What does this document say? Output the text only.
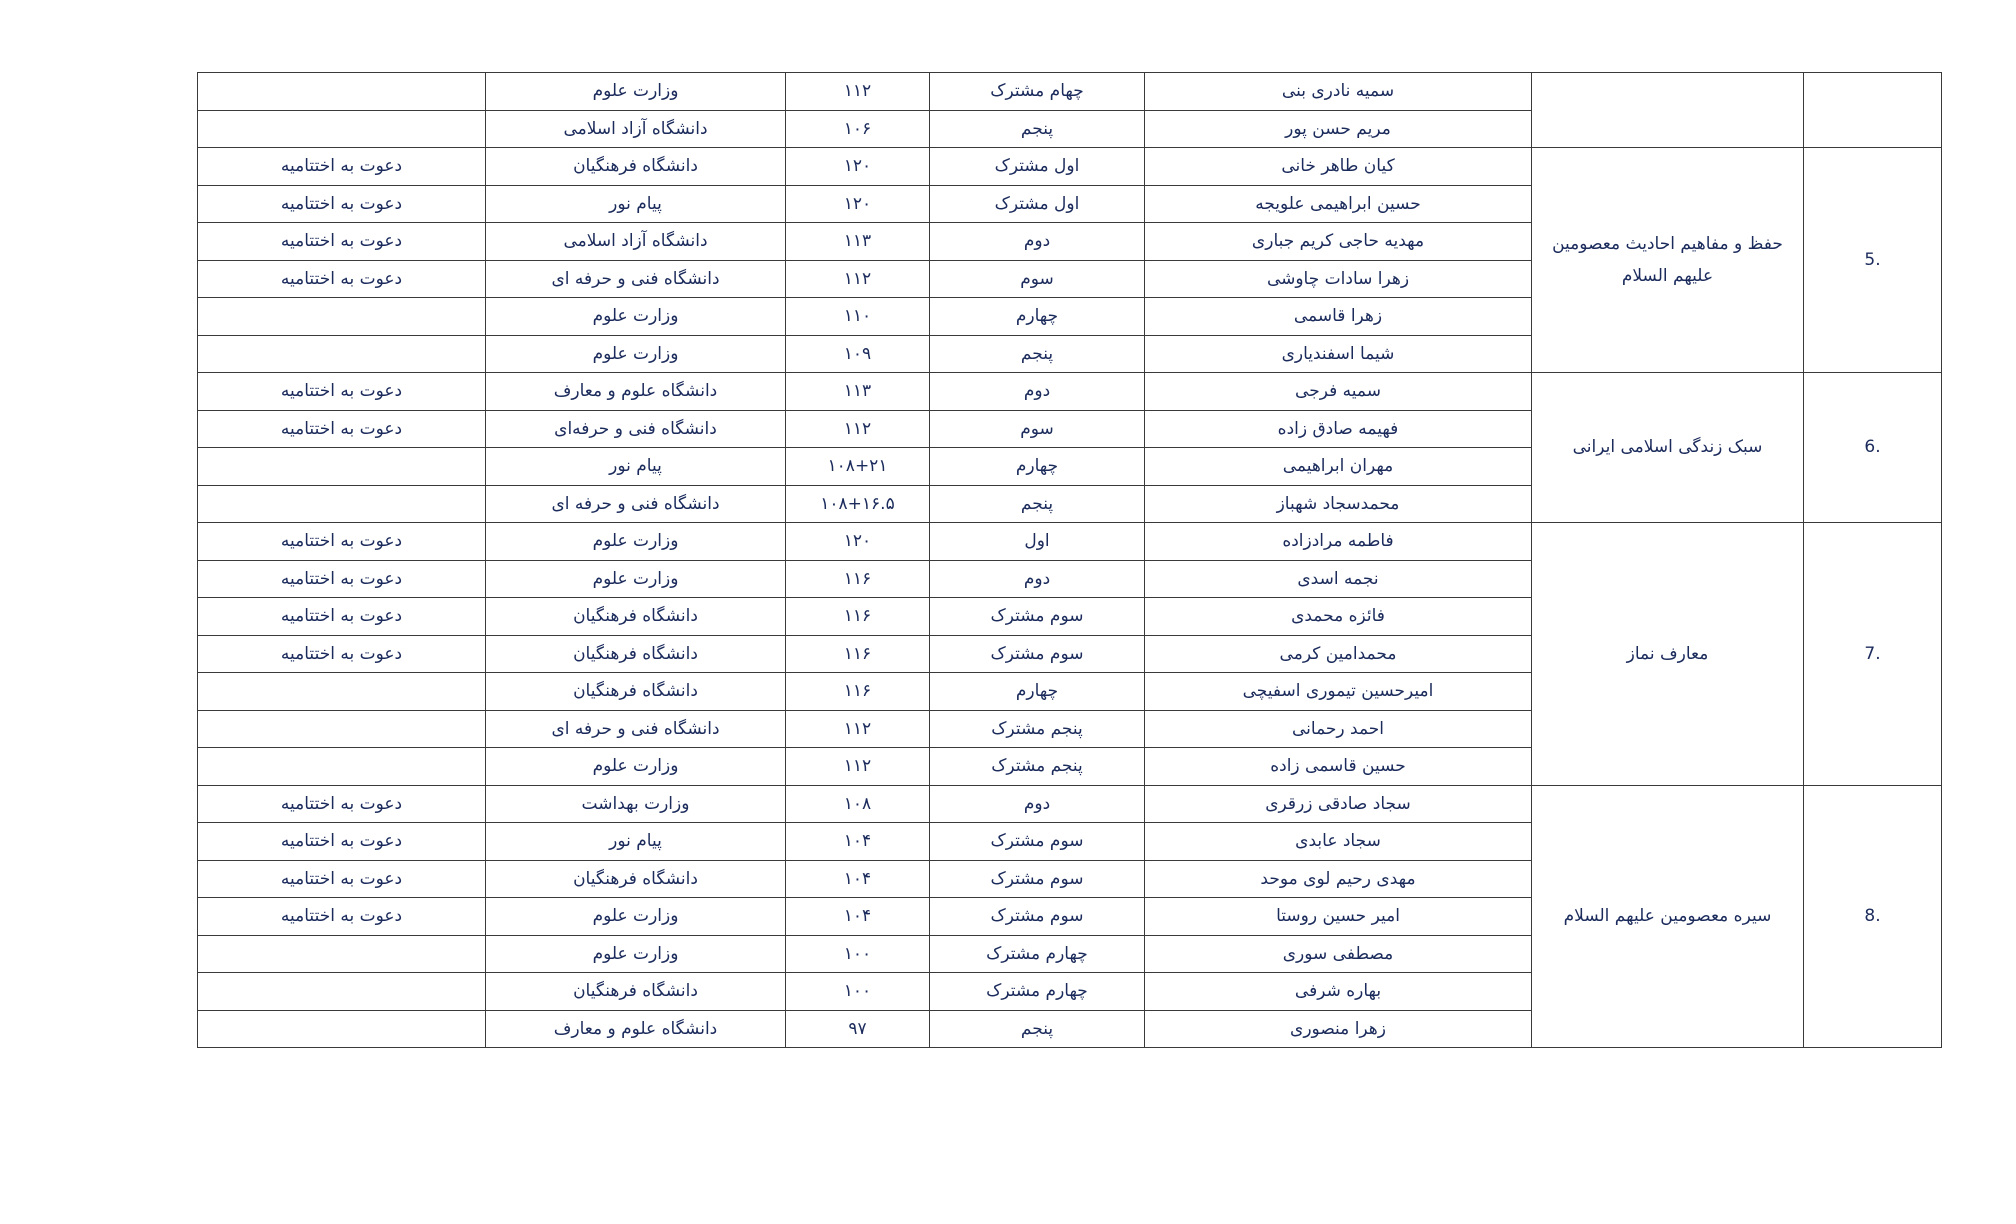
		سمیه نادری بنی	چهام مشترک	۱۱۲	وزارت علوم	
		مریم حسن پور	پنجم	۱۰۶	دانشگاه آزاد اسلامی	
5.	حفظ و مفاهیم احادیث معصومین علیهم السلام	کیان طاهر خانی	اول مشترک	۱۲۰	دانشگاه فرهنگیان	دعوت به اختتامیه
		حسین ابراهیمی علویجه	اول مشترک	۱۲۰	پیام نور	دعوت به اختتامیه
		مهدیه حاجی کریم جباری	دوم	۱۱۳	دانشگاه آزاد اسلامی	دعوت به اختتامیه
		زهرا سادات چاوشی	سوم	۱۱۲	دانشگاه فنی و حرفه ای	دعوت به اختتامیه
		زهرا قاسمی	چهارم	۱۱۰	وزارت علوم	
		شیما اسفندیاری	پنجم	۱۰۹	وزارت علوم	
6.	سبک زندگی اسلامی ایرانی	سمیه فرجی	دوم	۱۱۳	دانشگاه علوم و معارف	دعوت به اختتامیه
		فهیمه صادق زاده	سوم	۱۱۲	دانشگاه فنی و حرفه‌ای	دعوت به اختتامیه
		مهران ابراهیمی	چهارم	۱۰۸+۲۱	پیام نور	
		محمدسجاد شهباز	پنجم	۱۰۸+۱۶.۵	دانشگاه فنی و حرفه ای	
7.	معارف نماز	فاطمه مرادزاده	اول	۱۲۰	وزارت علوم	دعوت به اختتامیه
		نجمه اسدی	دوم	۱۱۶	وزارت علوم	دعوت به اختتامیه
		فائزه محمدی	سوم مشترک	۱۱۶	دانشگاه فرهنگیان	دعوت به اختتامیه
		محمدامین کرمی	سوم مشترک	۱۱۶	دانشگاه فرهنگیان	دعوت به اختتامیه
		امیرحسین تیموری اسفیچی	چهارم	۱۱۶	دانشگاه فرهنگیان	
		احمد رحمانی	پنجم مشترک	۱۱۲	دانشگاه فنی و حرفه ای	
		حسین قاسمی زاده	پنجم مشترک	۱۱۲	وزارت علوم	
8.	سیره معصومین علیهم السلام	سجاد صادقی زرقری	دوم	۱۰۸	وزارت بهداشت	دعوت به اختتامیه
		سجاد عابدی	سوم مشترک	۱۰۴	پیام نور	دعوت به اختتامیه
		مهدی رحیم لوی موحد	سوم مشترک	۱۰۴	دانشگاه فرهنگیان	دعوت به اختتامیه
		امیر حسین روستا	سوم مشترک	۱۰۴	وزارت علوم	دعوت به اختتامیه
		مصطفی سوری	چهارم مشترک	۱۰۰	وزارت علوم	
		بهاره شرفی	چهارم مشترک	۱۰۰	دانشگاه فرهنگیان	
		زهرا منصوری	پنجم	۹۷	دانشگاه علوم و معارف	
